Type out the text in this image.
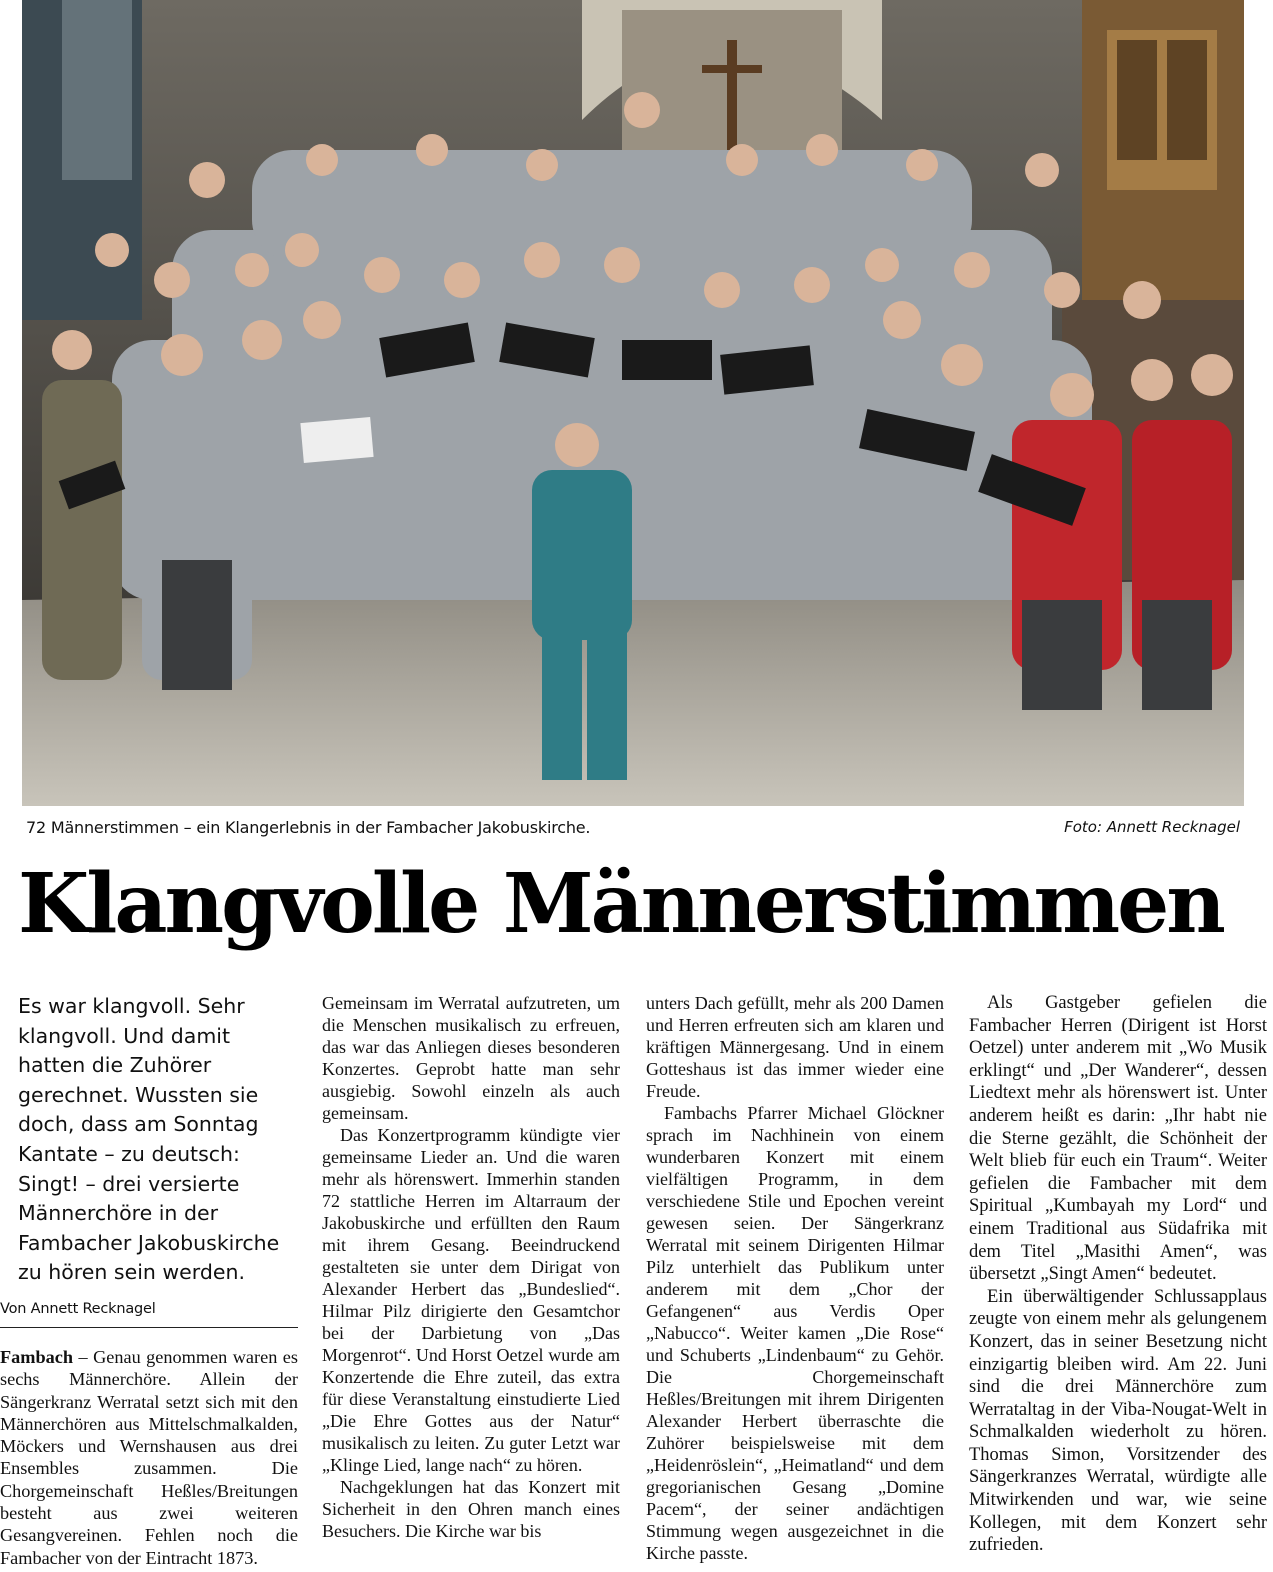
72 Männerstimmen – ein Klangerlebnis in der Fambacher Jakobuskirche.	Foto: Annett Recknagel
Klangvolle Männerstimmen
Es war klangvoll. Sehr klangvoll. Und damit hatten die Zuhörer gerechnet. Wussten sie doch, dass am Sonntag Kantate – zu deutsch: Singt! – drei versierte Männerchöre in der Fambacher Jakobuskirche zu hören sein werden.
Von Annett Recknagel

Fambach – Genau genommen waren es sechs Männerchöre. Allein der Sängerkranz Werratal setzt sich mit den Männerchören aus Mittelschmalkalden, Möckers und Wernshausen aus drei Ensembles zusammen. Die Chorgemeinschaft Heßles/Breitungen besteht aus zwei weiteren Gesangvereinen. Fehlen noch die Fambacher von der Eintracht 1873.

Gemeinsam im Werratal aufzutreten, um die Menschen musikalisch zu erfreuen, das war das Anliegen dieses besonderen Konzertes. Geprobt hatte man sehr ausgiebig. Sowohl einzeln als auch gemeinsam.

Das Konzertprogramm kündigte vier gemeinsame Lieder an. Und die waren mehr als hörenswert. Immerhin standen 72 stattliche Herren im Altarraum der Jakobuskirche und erfüllten den Raum mit ihrem Gesang. Beeindruckend gestalteten sie unter dem Dirigat von Alexander Herbert das „Bundeslied“. Hilmar Pilz dirigierte den Gesamtchor bei der Darbietung von „Das Morgenrot“. Und Horst Oetzel wurde am Konzertende die Ehre zuteil, das extra für diese Veranstaltung einstudierte Lied „Die Ehre Gottes aus der Natur“ musikalisch zu leiten. Zu guter Letzt war „Klinge Lied, lange nach“ zu hören.

Nachgeklungen hat das Konzert mit Sicherheit in den Ohren manch eines Besuchers. Die Kirche war bis

unters Dach gefüllt, mehr als 200 Damen und Herren erfreuten sich am klaren und kräftigen Männergesang. Und in einem Gotteshaus ist das immer wieder eine Freude.

Fambachs Pfarrer Michael Glöckner sprach im Nachhinein von einem wunderbaren Konzert mit einem vielfältigen Programm, in dem verschiedene Stile und Epochen vereint gewesen seien. Der Sängerkranz Werratal mit seinem Dirigenten Hilmar Pilz unterhielt das Publikum unter anderem mit dem „Chor der Gefangenen“ aus Verdis Oper „Nabucco“. Weiter kamen „Die Rose“ und Schuberts „Lindenbaum“ zu Gehör. Die Chorgemeinschaft Heßles/Breitungen mit ihrem Dirigenten Alexander Herbert überraschte die Zuhörer beispielsweise mit dem „Heidenröslein“, „Heimatland“ und dem gregorianischen Gesang „Domine Pacem“, der seiner andächtigen Stimmung wegen ausgezeichnet in die Kirche passte.

Als Gastgeber gefielen die Fambacher Herren (Dirigent ist Horst Oetzel) unter anderem mit „Wo Musik erklingt“ und „Der Wanderer“, dessen Liedtext mehr als hörenswert ist. Unter anderem heißt es darin: „Ihr habt nie die Sterne gezählt, die Schönheit der Welt blieb für euch ein Traum“. Weiter gefielen die Fambacher mit dem Spiritual „Kumbayah my Lord“ und einem Traditional aus Südafrika mit dem Titel „Masithi Amen“, was übersetzt „Singt Amen“ bedeutet.

Ein überwältigender Schlussapplaus zeugte von einem mehr als gelungenem Konzert, das in seiner Besetzung nicht einzigartig bleiben wird. Am 22. Juni sind die drei Männerchöre zum Werrataltag in der Viba-Nougat-Welt in Schmalkalden wiederholt zu hören. Thomas Simon, Vorsitzender des Sängerkranzes Werratal, würdigte alle Mitwirkenden und war, wie seine Kollegen, mit dem Konzert sehr zufrieden.
